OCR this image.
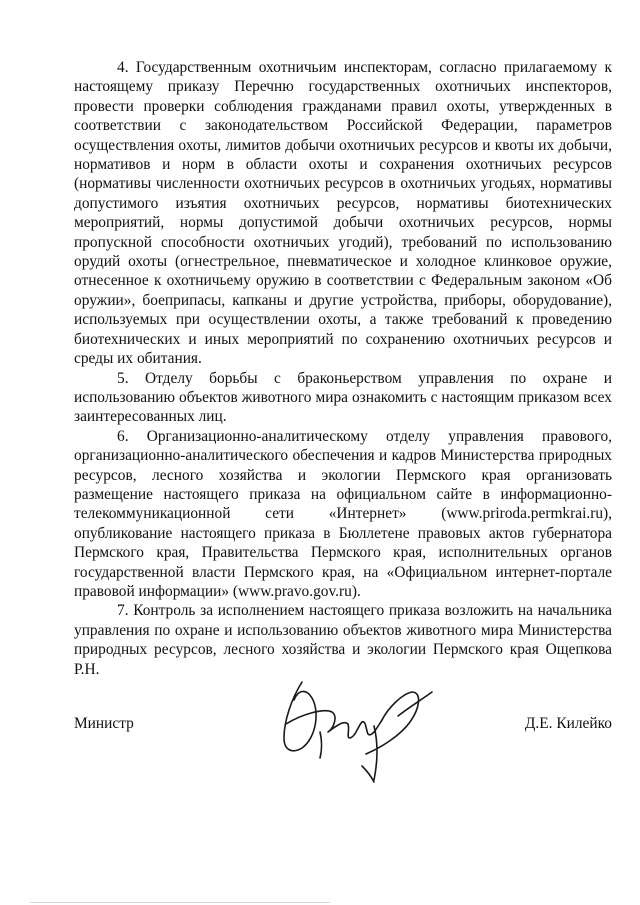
4. Государственным охотничьим инспекторам, согласно прилагаемому к настоящему приказу Перечню государственных охотничьих инспекторов, провести проверки соблюдения гражданами правил охоты, утвержденных в соответствии с законодательством Российской Федерации, параметров осуществления охоты, лимитов добычи охотничьих ресурсов и квоты их добычи, нормативов и норм в области охоты и сохранения охотничьих ресурсов (нормативы численности охотничьих ресурсов в охотничьих угодьях, нормативы допустимого изъятия охотничьих ресурсов, нормативы биотехнических мероприятий, нормы допустимой добычи охотничьих ресурсов, нормы пропускной способности охотничьих угодий), требований по использованию орудий охоты (огнестрельное, пневматическое и холодное клинковое оружие, отнесенное к охотничьему оружию в соответствии с Федеральным законом «Об оружии», боеприпасы, капканы и другие устройства, приборы, оборудование), используемых при осуществлении охоты, а также требований к проведению биотехнических и иных мероприятий по сохранению охотничьих ресурсов и среды их обитания.

5. Отделу борьбы с браконьерством управления по охране и использованию объектов животного мира ознакомить с настоящим приказом всех заинтересованных лиц.

6. Организационно-аналитическому отделу управления правового, организационно-аналитического обеспечения и кадров Министерства природных ресурсов, лесного хозяйства и экологии Пермского края организовать размещение настоящего приказа на официальном сайте в информационно-телекоммуникационной сети «Интернет» (www.priroda.permkrai.ru), опубликование настоящего приказа в Бюллетене правовых актов губернатора Пермского края, Правительства Пермского края, исполнительных органов государственной власти Пермского края, на «Официальном интернет-портале правовой информации» (www.pravo.gov.ru).

7. Контроль за исполнением настоящего приказа возложить на начальника управления по охране и использованию объектов животного мира Министерства природных ресурсов, лесного хозяйства и экологии Пермского края Ощепкова Р.Н.

Министр	Д.Е. Килейко
